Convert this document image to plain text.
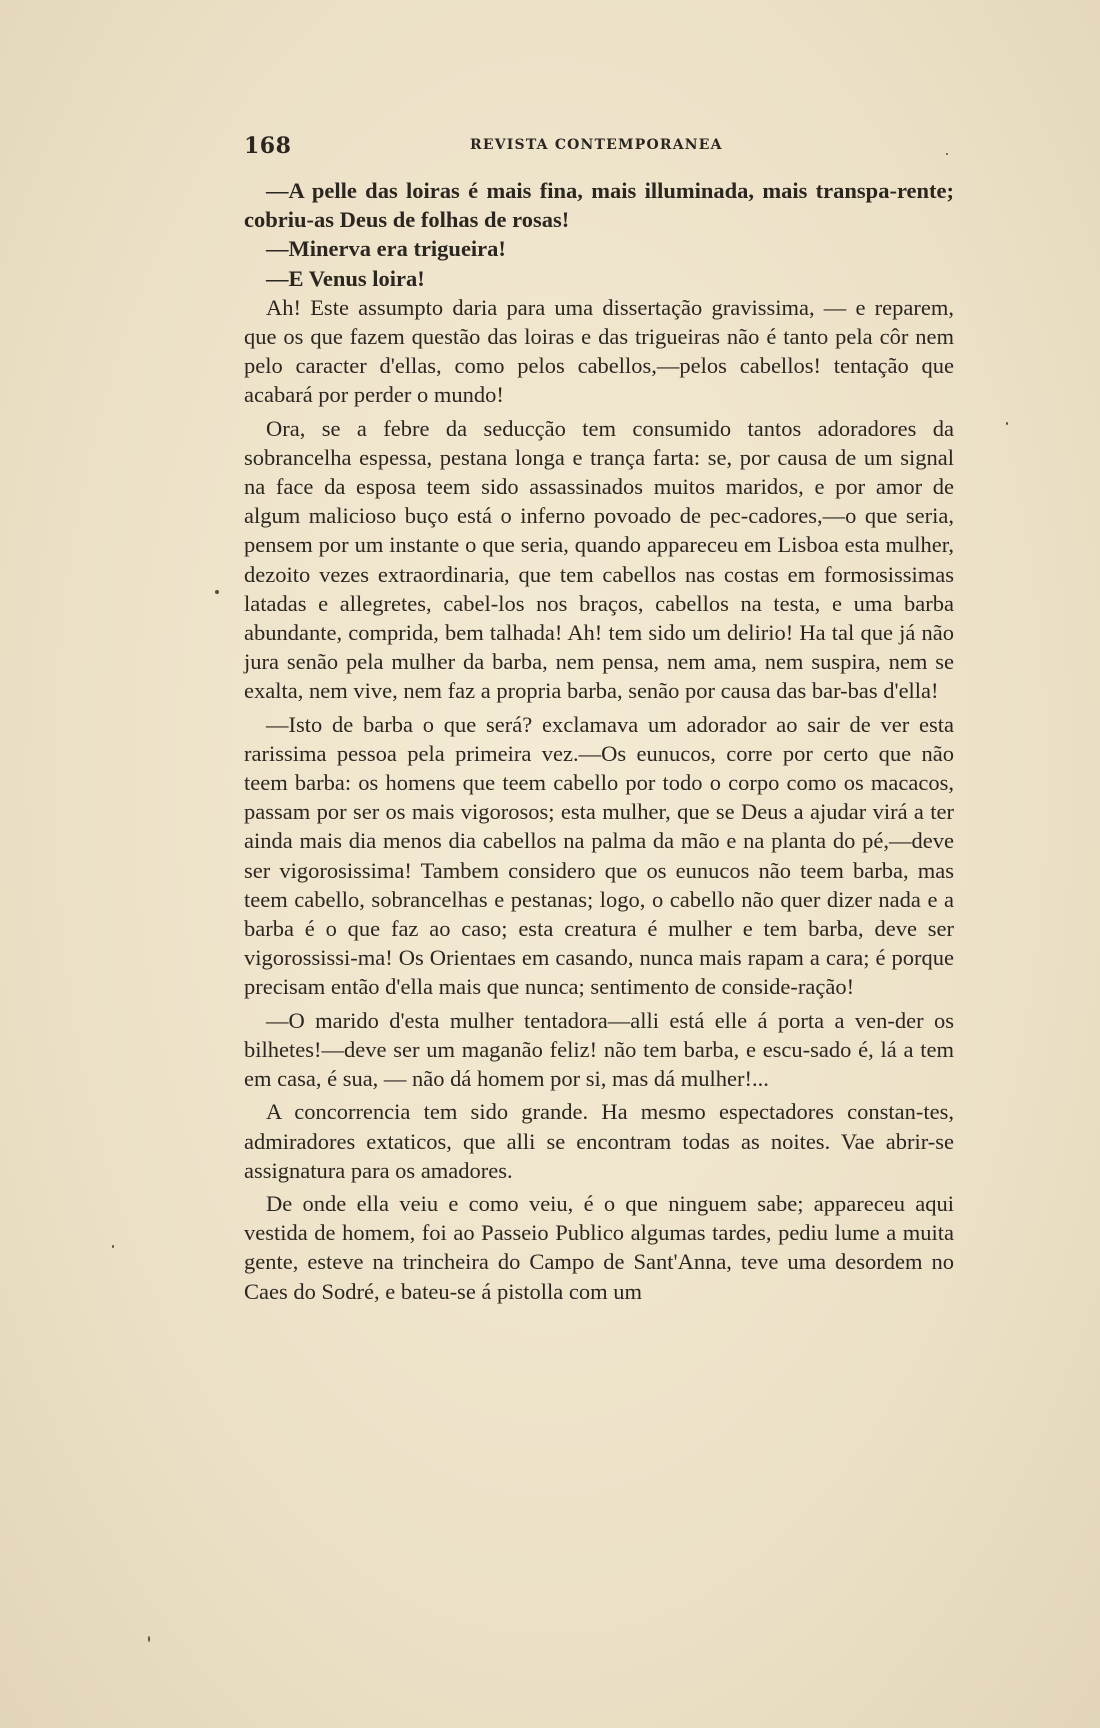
168	REVISTA CONTEMPORANEA

—A pelle das loiras é mais fina, mais illuminada, mais transpa-rente; cobriu-as Deus de folhas de rosas!

—Minerva era trigueira!

—E Venus loira!

Ah! Este assumpto daria para uma dissertação gravissima, — e reparem, que os que fazem questão das loiras e das trigueiras não é tanto pela côr nem pelo caracter d'ellas, como pelos cabellos,—pelos cabellos! tentação que acabará por perder o mundo!

Ora, se a febre da seducção tem consumido tantos adoradores da sobrancelha espessa, pestana longa e trança farta: se, por causa de um signal na face da esposa teem sido assassinados muitos maridos, e por amor de algum malicioso buço está o inferno povoado de pec-cadores,—o que seria, pensem por um instante o que seria, quando appareceu em Lisboa esta mulher, dezoito vezes extraordinaria, que tem cabellos nas costas em formosissimas latadas e allegretes, cabel-los nos braços, cabellos na testa, e uma barba abundante, comprida, bem talhada! Ah! tem sido um delirio! Ha tal que já não jura senão pela mulher da barba, nem pensa, nem ama, nem suspira, nem se exalta, nem vive, nem faz a propria barba, senão por causa das bar-bas d'ella!

—Isto de barba o que será? exclamava um adorador ao sair de ver esta rarissima pessoa pela primeira vez.—Os eunucos, corre por certo que não teem barba: os homens que teem cabello por todo o corpo como os macacos, passam por ser os mais vigorosos; esta mulher, que se Deus a ajudar virá a ter ainda mais dia menos dia cabellos na palma da mão e na planta do pé,—deve ser vigorosissima! Tambem considero que os eunucos não teem barba, mas teem cabello, sobrancelhas e pestanas; logo, o cabello não quer dizer nada e a barba é o que faz ao caso; esta creatura é mulher e tem barba, deve ser vigorossissi-ma! Os Orientaes em casando, nunca mais rapam a cara; é porque precisam então d'ella mais que nunca; sentimento de conside-ração!

—O marido d'esta mulher tentadora—alli está elle á porta a ven-der os bilhetes!—deve ser um maganão feliz! não tem barba, e escu-sado é, lá a tem em casa, é sua, — não dá homem por si, mas dá mulher!...

A concorrencia tem sido grande. Ha mesmo espectadores constan-tes, admiradores extaticos, que alli se encontram todas as noites. Vae abrir-se assignatura para os amadores.

De onde ella veiu e como veiu, é o que ninguem sabe; appareceu aqui vestida de homem, foi ao Passeio Publico algumas tardes, pediu lume a muita gente, esteve na trincheira do Campo de Sant'Anna, teve uma desordem no Caes do Sodré, e bateu-se á pistolla com um
